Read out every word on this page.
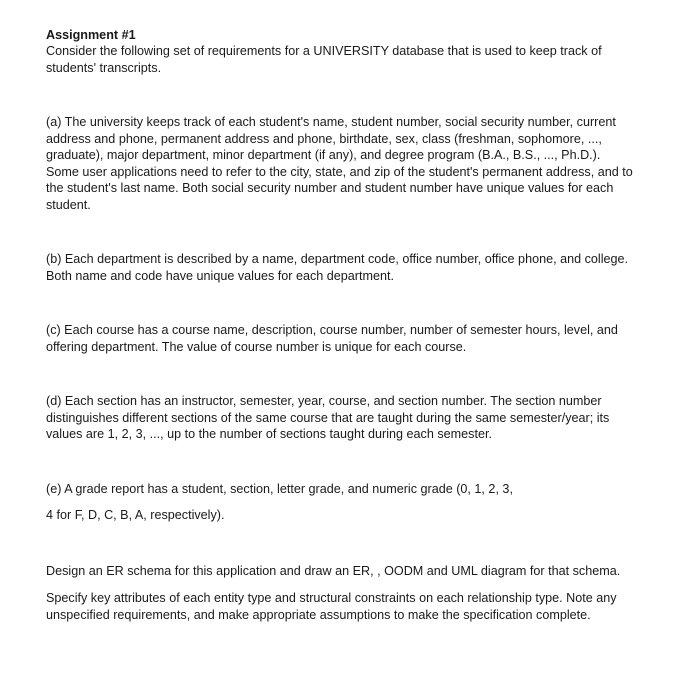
Assignment #1

Consider the following set of requirements for a UNIVERSITY database that is used to keep track of students' transcripts.

(a) The university keeps track of each student's name, student number, social security number, current address and phone, permanent address and phone, birthdate, sex, class (freshman, sophomore, ..., graduate), major department, minor department (if any), and degree program (B.A., B.S., ..., Ph.D.). Some user applications need to refer to the city, state, and zip of the student's permanent address, and to the student's last name. Both social security number and student number have unique values for each student.

(b) Each department is described by a name, department code, office number, office phone, and college. Both name and code have unique values for each department.

(c) Each course has a course name, description, course number, number of semester hours, level, and offering department. The value of course number is unique for each course.

(d) Each section has an instructor, semester, year, course, and section number. The section number distinguishes different sections of the same course that are taught during the same semester/year; its values are 1, 2, 3, ..., up to the number of sections taught during each semester.

(e) A grade report has a student, section, letter grade, and numeric grade (0, 1, 2, 3,

4 for F, D, C, B, A, respectively).

Design an ER schema for this application and draw an ER, , OODM and UML diagram for that schema.

Specify key attributes of each entity type and structural constraints on each relationship type. Note any unspecified requirements, and make appropriate assumptions to make the specification complete.
